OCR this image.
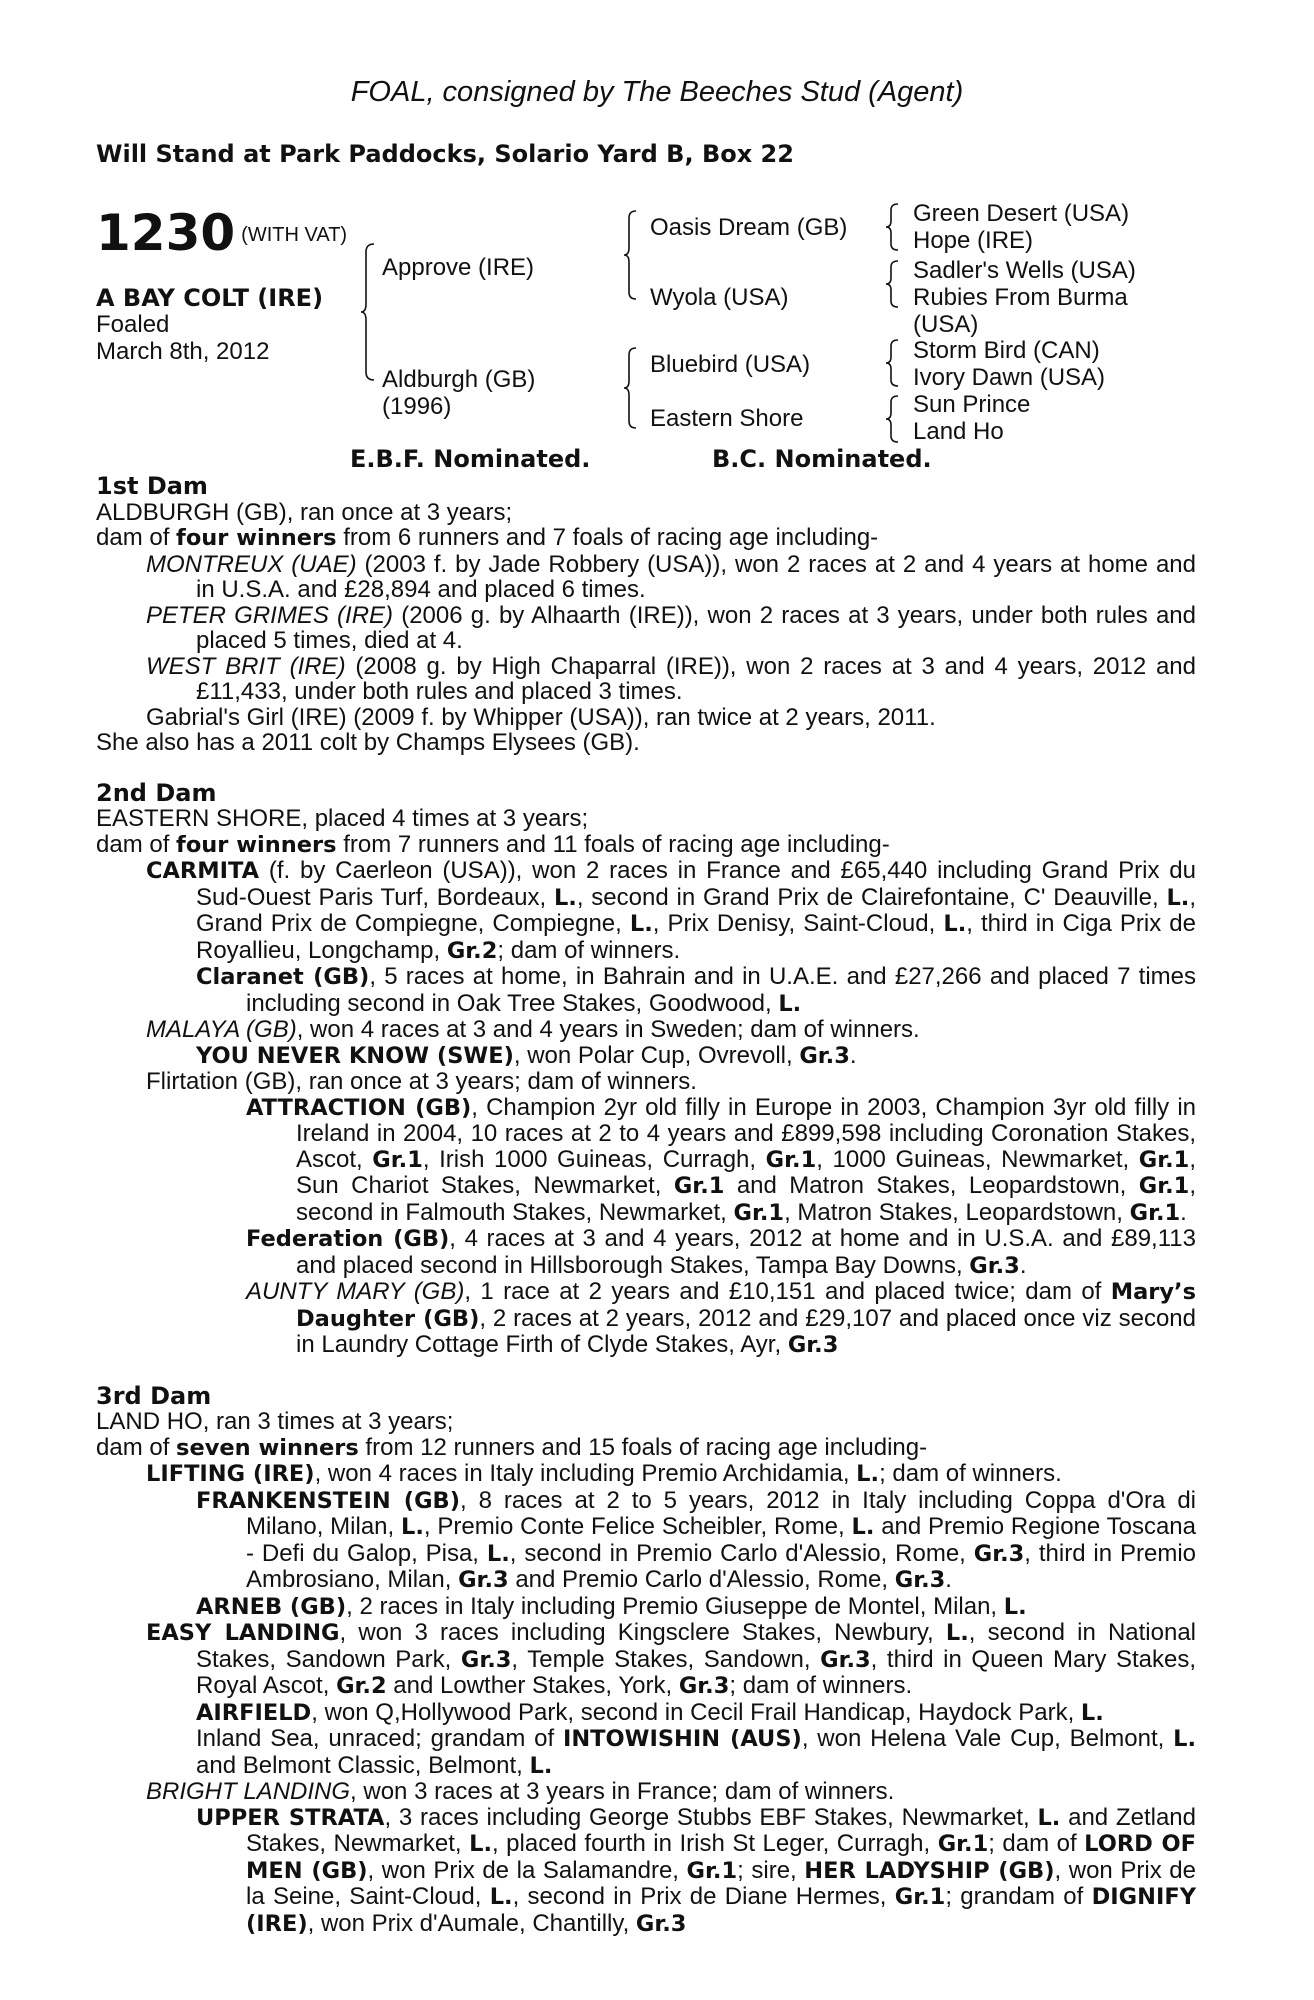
FOAL, consigned by The Beeches Stud (Agent)
Will Stand at Park Paddocks, Solario Yard B, Box 22
1230 (WITH VAT)
A BAY COLT (IRE)
Foaled
March 8th, 2012
Approve (IRE)
Aldburgh (GB)
(1996)
Oasis Dream (GB)
Wyola (USA)
Bluebird (USA)
Eastern Shore
Green Desert (USA)
Hope (IRE)
Sadler's Wells (USA)
Rubies From Burma
(USA)
Storm Bird (CAN)
Ivory Dawn (USA)
Sun Prince
Land Ho
E.B.F. Nominated.	B.C. Nominated.

1st Dam

ALDBURGH (GB), ran once at 3 years;

dam of four winners from 6 runners and 7 foals of racing age including-

MONTREUX (UAE) (2003 f. by Jade Robbery (USA)), won 2 races at 2 and 4 years at home and in U.S.A. and £28,894 and placed 6 times.

PETER GRIMES (IRE) (2006 g. by Alhaarth (IRE)), won 2 races at 3 years, under both rules and placed 5 times, died at 4.

WEST BRIT (IRE) (2008 g. by High Chaparral (IRE)), won 2 races at 3 and 4 years, 2012 and £11,433, under both rules and placed 3 times.

Gabrial's Girl (IRE) (2009 f. by Whipper (USA)), ran twice at 2 years, 2011.

She also has a 2011 colt by Champs Elysees (GB).

2nd Dam

EASTERN SHORE, placed 4 times at 3 years;

dam of four winners from 7 runners and 11 foals of racing age including-

CARMITA (f. by Caerleon (USA)), won 2 races in France and £65,440 including Grand Prix du Sud-Ouest Paris Turf, Bordeaux, L., second in Grand Prix de Clairefontaine, C' Deauville, L., Grand Prix de Compiegne, Compiegne, L., Prix Denisy, Saint-Cloud, L., third in Ciga Prix de Royallieu, Longchamp, Gr.2; dam of winners.

Claranet (GB), 5 races at home, in Bahrain and in U.A.E. and £27,266 and placed 7 times including second in Oak Tree Stakes, Goodwood, L.

MALAYA (GB), won 4 races at 3 and 4 years in Sweden; dam of winners.

YOU NEVER KNOW (SWE), won Polar Cup, Ovrevoll, Gr.3.

Flirtation (GB), ran once at 3 years; dam of winners.

ATTRACTION (GB), Champion 2yr old filly in Europe in 2003, Champion 3yr old filly in Ireland in 2004, 10 races at 2 to 4 years and £899,598 including Coronation Stakes, Ascot, Gr.1, Irish 1000 Guineas, Curragh, Gr.1, 1000 Guineas, Newmarket, Gr.1, Sun Chariot Stakes, Newmarket, Gr.1 and Matron Stakes, Leopardstown, Gr.1, second in Falmouth Stakes, Newmarket, Gr.1, Matron Stakes, Leopardstown, Gr.1.

Federation (GB), 4 races at 3 and 4 years, 2012 at home and in U.S.A. and £89,113 and placed second in Hillsborough Stakes, Tampa Bay Downs, Gr.3.

AUNTY MARY (GB), 1 race at 2 years and £10,151 and placed twice; dam of Mary’s Daughter (GB), 2 races at 2 years, 2012 and £29,107 and placed once viz second in Laundry Cottage Firth of Clyde Stakes, Ayr, Gr.3

3rd Dam

LAND HO, ran 3 times at 3 years;

dam of seven winners from 12 runners and 15 foals of racing age including-

LIFTING (IRE), won 4 races in Italy including Premio Archidamia, L.; dam of winners.

FRANKENSTEIN (GB), 8 races at 2 to 5 years, 2012 in Italy including Coppa d'Ora di Milano, Milan, L., Premio Conte Felice Scheibler, Rome, L. and Premio Regione Toscana - Defi du Galop, Pisa, L., second in Premio Carlo d'Alessio, Rome, Gr.3, third in Premio Ambrosiano, Milan, Gr.3 and Premio Carlo d'Alessio, Rome, Gr.3.

ARNEB (GB), 2 races in Italy including Premio Giuseppe de Montel, Milan, L.

EASY LANDING, won 3 races including Kingsclere Stakes, Newbury, L., second in National Stakes, Sandown Park, Gr.3, Temple Stakes, Sandown, Gr.3, third in Queen Mary Stakes, Royal Ascot, Gr.2 and Lowther Stakes, York, Gr.3; dam of winners.

AIRFIELD, won Q,Hollywood Park, second in Cecil Frail Handicap, Haydock Park, L.

Inland Sea, unraced; grandam of INTOWISHIN (AUS), won Helena Vale Cup, Belmont, L. and Belmont Classic, Belmont, L.

BRIGHT LANDING, won 3 races at 3 years in France; dam of winners.

UPPER STRATA, 3 races including George Stubbs EBF Stakes, Newmarket, L. and Zetland Stakes, Newmarket, L., placed fourth in Irish St Leger, Curragh, Gr.1; dam of LORD OF MEN (GB), won Prix de la Salamandre, Gr.1; sire, HER LADYSHIP (GB), won Prix de la Seine, Saint-Cloud, L., second in Prix de Diane Hermes, Gr.1; grandam of DIGNIFY (IRE), won Prix d'Aumale, Chantilly, Gr.3
